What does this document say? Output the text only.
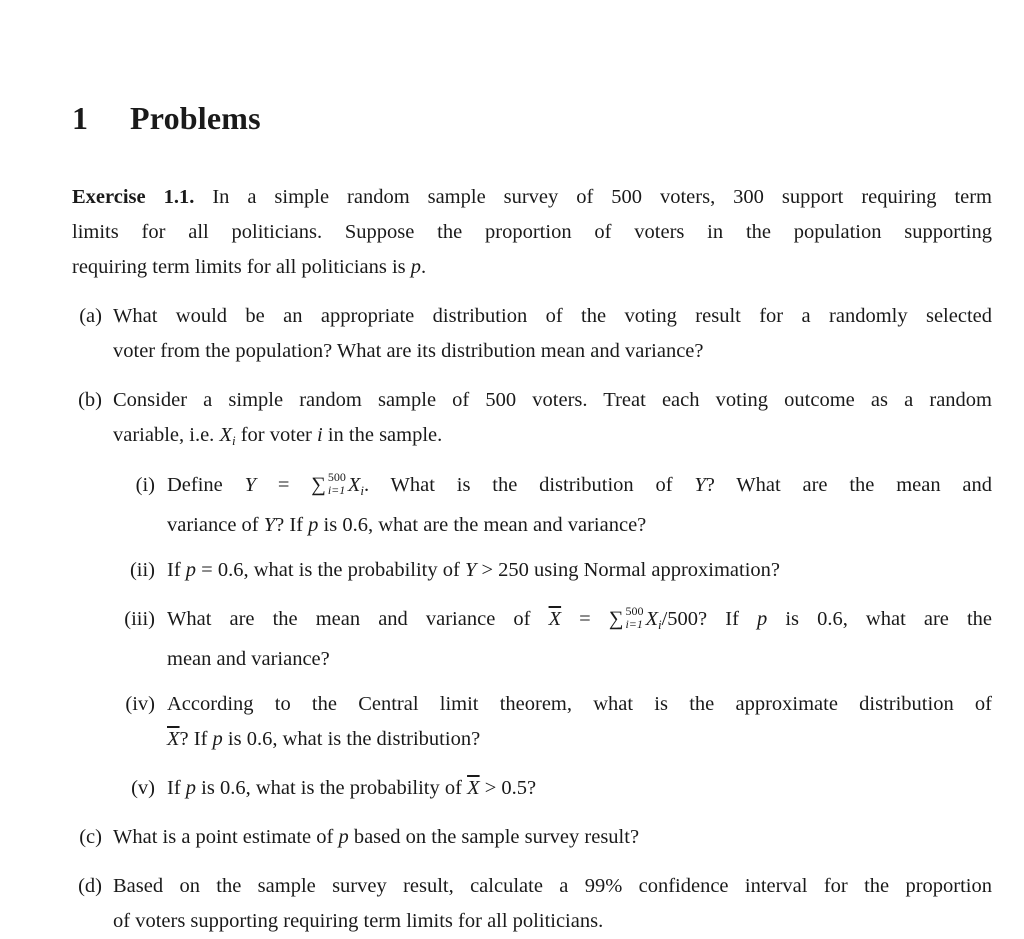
1 Problems
Exercise 1.1. In a simple random sample survey of 500 voters, 300 support requiring term
limits for all politicians. Suppose the proportion of voters in the population supporting
requiring term limits for all politicians is p.
(a) What would be an appropriate distribution of the voting result for a randomly selected
voter from the population? What are its distribution mean and variance?
(b) Consider a simple random sample of 500 voters. Treat each voting outcome as a random
variable, i.e. $X_i$ for voter i in the sample.
(i) Define Y = ∑ 500
i=1 $X_i$. What is the distribution of Y? What are the mean and
variance of Y? If p is 0.6, what are the mean and variance?
(ii) If p = 0.6, what is the probability of Y > 250 using Normal approximation?
(iii) What are the mean and variance of $\overline{X}$ = ∑ 500
i=1 $X_i/500$? If p is 0.6, what are the
mean and variance?
(iv) According to the Central limit theorem, what is the approximate distribution of
$\overline{X}$? If p is 0.6, what is the distribution?
(v) If p is 0.6, what is the probability of $\overline{X} > 0.5$?
(c) What is a point estimate of p based on the sample survey result?
(d) Based on the sample survey result, calculate a 99% confidence interval for the proportion
of voters supporting requiring term limits for all politicians.
